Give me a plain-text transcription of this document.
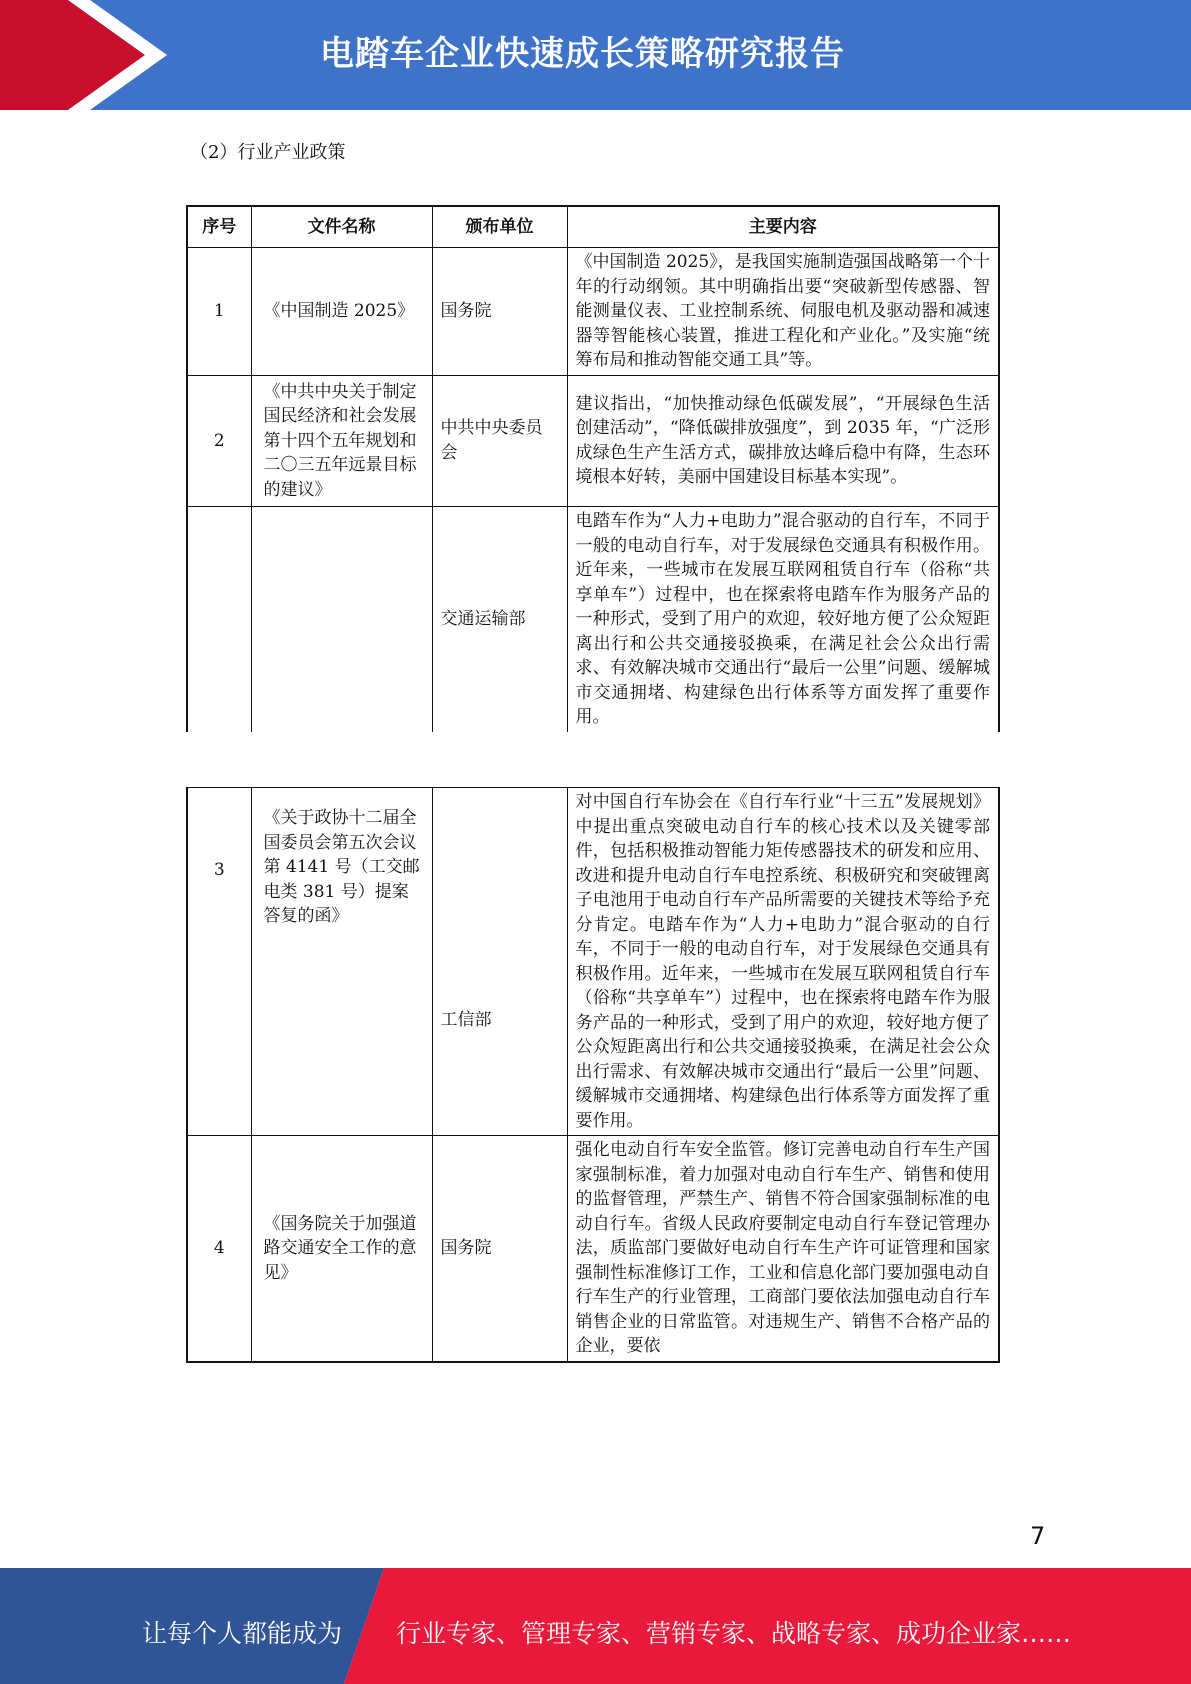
电踏车企业快速成长策略研究报告
（2）行业产业政策
序号	文件名称	颁布单位	主要内容
1	《中国制造 2025》	国务院	《中国制造 2025》，是我国实施制造强国战略第一个十年的行动纲领。其中明确指出要“突破新型传感器、智能测量仪表、工业控制系统、伺服电机及驱动器和减速器等智能核心装置，推进工程化和产业化。”及实施“统筹布局和推动智能交通工具”等。
2	《中共中央关于制定国民经济和社会发展第十四个五年规划和二〇三五年远景目标的建议》	中共中央委员会	建议指出，“加快推动绿色低碳发展”，“开展绿色生活创建活动”，“降低碳排放强度”，到 2035 年，“广泛形成绿色生产生活方式，碳排放达峰后稳中有降，生态环境根本好转，美丽中国建设目标基本实现”。
		交通运输部	电踏车作为“人力+电助力”混合驱动的自行车，不同于一般的电动自行车，对于发展绿色交通具有积极作用。近年来，一些城市在发展互联网租赁自行车（俗称“共享单车”）过程中，也在探索将电踏车作为服务产品的一种形式，受到了用户的欢迎，较好地方便了公众短距离出行和公共交通接驳换乘，在满足社会公众出行需求、有效解决城市交通出行“最后一公里”问题、缓解城市交通拥堵、构建绿色出行体系等方面发挥了重要作用。
3	《关于政协十二届全国委员会第五次会议第 4141 号（工交邮电类 381 号）提案答复的函》	工信部	对中国自行车协会在《自行车行业“十三五”发展规划》中提出重点突破电动自行车的核心技术以及关键零部件，包括积极推动智能力矩传感器技术的研发和应用、改进和提升电动自行车电控系统、积极研究和突破锂离子电池用于电动自行车产品所需要的关键技术等给予充分肯定。电踏车作为“人力+电助力”混合驱动的自行车，不同于一般的电动自行车，对于发展绿色交通具有积极作用。近年来，一些城市在发展互联网租赁自行车（俗称“共享单车”）过程中，也在探索将电踏车作为服务产品的一种形式，受到了用户的欢迎，较好地方便了公众短距离出行和公共交通接驳换乘，在满足社会公众出行需求、有效解决城市交通出行“最后一公里”问题、缓解城市交通拥堵、构建绿色出行体系等方面发挥了重要作用。
4	《国务院关于加强道路交通安全工作的意见》	国务院	强化电动自行车安全监管。修订完善电动自行车生产国家强制标准，着力加强对电动自行车生产、销售和使用的监督管理，严禁生产、销售不符合国家强制标准的电动自行车。省级人民政府要制定电动自行车登记管理办法，质监部门要做好电动自行车生产许可证管理和国家强制性标准修订工作，工业和信息化部门要加强电动自行车生产的行业管理，工商部门要依法加强电动自行车销售企业的日常监管。对违规生产、销售不合格产品的企业，要依
7
让每个人都能成为 行业专家、管理专家、营销专家、战略专家、成功企业家……
